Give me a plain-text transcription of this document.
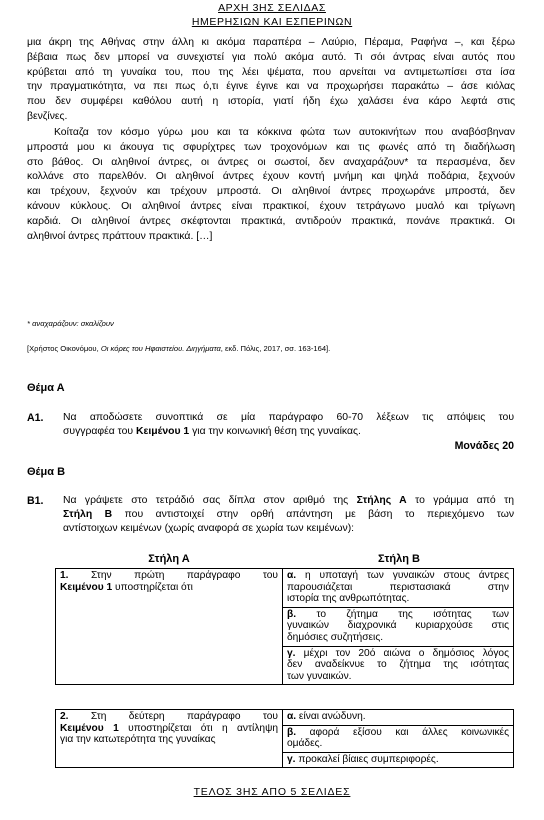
ΑΡΧΗ 3ΗΣ ΣΕΛΙΔΑΣ
ΗΜΕΡΗΣΙΩΝ ΚΑΙ ΕΣΠΕΡΙΝΩΝ
μια άκρη της Αθήνας στην άλλη κι ακόμα παραπέρα – Λαύριο, Πέραμα, Ραφήνα –, και ξέρω
βέβαια πως δεν μπορεί να συνεχιστεί για πολύ ακόμα αυτό. Τι σόι άντρας είναι αυτός που
κρύβεται από τη γυναίκα του, που της λέει ψέματα, που αρνείται να αντιμετωπίσει στα ίσα
την πραγματικότητα, να πει πως ό,τι έγινε έγινε και να προχωρήσει παρακάτω – άσε κιόλας
που δεν συμφέρει καθόλου αυτή η ιστορία, γιατί ήδη έχω χαλάσει ένα κάρο λεφτά στις
βενζίνες.
Κοίταζα τον κόσμο γύρω μου και τα κόκκινα φώτα των αυτοκινήτων που αναβόσβηναν
μπροστά μου κι άκουγα τις σφυρίχτρες των τροχονόμων και τις φωνές από τη διαδήλωση
στο βάθος. Οι αληθινοί άντρες, οι άντρες οι σωστοί, δεν αναχαράζουν* τα περασμένα, δεν
κολλάνε στο παρελθόν. Οι αληθινοί άντρες έχουν κοντή μνήμη και ψηλά ποδάρια, ξεχνούν
και τρέχουν, ξεχνούν και τρέχουν μπροστά. Οι αληθινοί άντρες προχωράνε μπροστά, δεν
κάνουν κύκλους. Οι αληθινοί άντρες είναι πρακτικοί, έχουν τετράγωνο μυαλό και τρίγωνη
καρδιά. Οι αληθινοί άντρες σκέφτονται πρακτικά, αντιδρούν πρακτικά, πονάνε πρακτικά. Οι
αληθινοί άντρες πράττουν πρακτικά. […]
* αναχαράζουν: σκαλίζουν
[Χρήστος Οικονόμου, Οι κόρες του Ηφαιστείου. Διηγήματα, εκδ. Πόλις, 2017, σσ. 163-164].
Θέμα Α
Α1. Να αποδώσετε συνοπτικά σε μία παράγραφο 60-70 λέξεων τις απόψεις του
συγγραφέα του Κειμένου 1 για την κοινωνική θέση της γυναίκας.
Μονάδες 20
Θέμα Β
Β1. Να γράψετε στο τετράδιό σας δίπλα στον αριθμό της Στήλης Α το γράμμα από τη
Στήλη Β που αντιστοιχεί στην ορθή απάντηση με βάση το περιεχόμενο των
αντίστοιχων κειμένων (χωρίς αναφορά σε χωρία των κειμένων):
Στήλη Α	Στήλη Β
1. Στην πρώτη παράγραφο του
Κειμένου 1 υποστηρίζεται ότι

α. η υποταγή των γυναικών στους άντρες
παρουσιάζεται περιστασιακά στην
ιστορία της ανθρωπότητας.

β. το ζήτημα της ισότητας των
γυναικών διαχρονικά κυριαρχούσε στις
δημόσιες συζητήσεις.

γ. μέχρι τον 20ό αιώνα ο δημόσιος λόγος
δεν αναδείκνυε το ζήτημα της ισότητας
των γυναικών.
2. Στη δεύτερη παράγραφο του
Κειμένου 1 υποστηρίζεται ότι η αντίληψη
για την κατωτερότητα της γυναίκας

α. είναι ανώδυνη.

β. αφορά εξίσου και άλλες κοινωνικές
ομάδες.

γ. προκαλεί βίαιες συμπεριφορές.
ΤΕΛΟΣ 3ΗΣ ΑΠΟ 5 ΣΕΛΙΔΕΣ
